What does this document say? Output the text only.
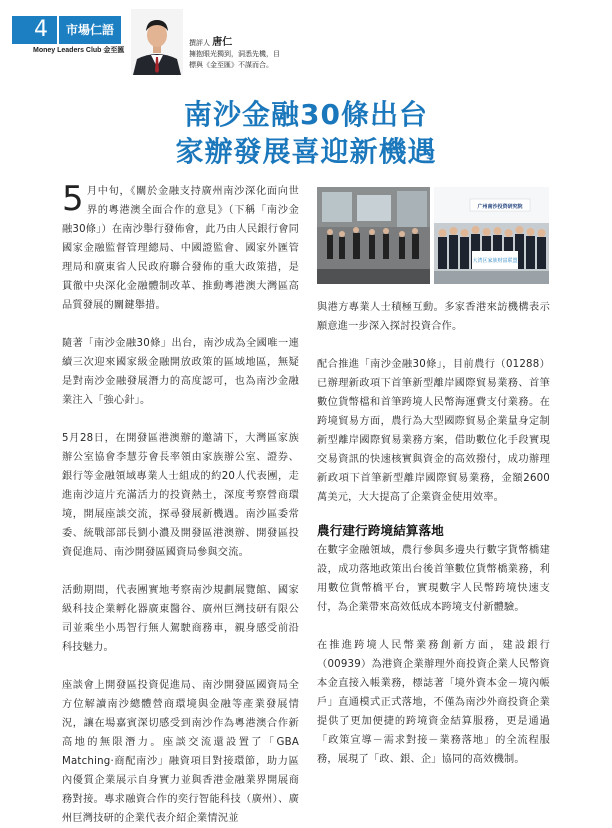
4	市場仁語
Money Leaders Club 金至匯
撰評人 唐仁
擁抱眼光獨到，洞悉先機，目
標與《金至匯》不謀而合。
南沙金融30條出台
家辦發展喜迎新機遇
广州南沙投资研究院
大湾区家族财富联盟

5 月中旬，《關於金融支持廣州南沙深化面向世界的粵港澳全面合作的意見》（下稱「南沙金融30條」）在南沙舉行發佈會，此乃由人民銀行會同國家金融監督管理總局、中國證監會、國家外匯管理局和廣東省人民政府聯合發佈的重大政策措，是貫徹中央深化金融體制改革、推動粵港澳大灣區高品質發展的關鍵舉措。

隨著「南沙金融30條」出台，南沙成為全國唯一連續三次迎來國家級金融開放政策的區域地區，無疑是對南沙金融發展潛力的高度認可，也為南沙金融業注入「強心針」。

5月28日，在開發區港澳辦的邀請下，大灣區家族辦公室協會李慧芬會長率領由家族辦公室、證券、銀行等金融領域專業人士組成的約20人代表團，走進南沙這片充滿活力的投資熱土，深度考察營商環境，開展座談交流，探尋發展新機遇。南沙區委常委、統戰部部長劉小濃及開發區港澳辦、開發區投資促進局、南沙開發區國資局參與交流。

活動期間，代表團實地考察南沙規劃展覽館、國家級科技企業孵化器廣東醫谷、廣州巨灣技研有限公司並乘坐小馬智行無人駕駛商務車，親身感受前沿科技魅力。

座談會上開發區投資促進局、南沙開發區國資局全方位解讀南沙總體營商環境與金融等產業發展情況，讓在場嘉賓深切感受到南沙作為粵港澳合作新高地的無限潛力。座談交流還設置了「GBA Matching·商配南沙」融資項目對接環節，助力區內優質企業展示自身實力並與香港金融業界開展商務對接。專求融資合作的奕行智能科技（廣州）、廣州巨灣技研的企業代表介紹企業情況並

與港方專業人士積極互動。多家香港來訪機構表示願意進一步深入探討投資合作。

配合推進「南沙金融30條」，目前農行（01288）已辦理新政項下首筆新型離岸國際貿易業務、首筆數位貨幣檔和首筆跨境人民幣海運費支付業務。在跨境貿易方面，農行為大型國際貿易企業量身定制新型離岸國際貿易業務方案，借助數位化手段實現交易資訊的快速核實與資金的高效撥付，成功辦理新政項下首筆新型離岸國際貿易業務，金額2600萬美元，大大提高了企業資金使用效率。

農行建行跨境結算落地

在數字金融領域，農行參與多邊央行數字貨幣橋建設，成功落地政策出台後首筆數位貨幣橋業務，利用數位貨幣橋平台，實現數字人民幣跨境快速支付，為企業帶來高效低成本跨境支付新體驗。

在推進跨境人民幣業務創新方面，建設銀行（00939）為港資企業辦理外商投資企業人民幣資本金直接入帳業務，標誌著「境外資本金－境內帳戶」直通模式正式落地，不僅為南沙外商投資企業提供了更加便捷的跨境資金結算服務，更是通過「政策宣導－需求對接－業務落地」的全流程服務，展現了「政、銀、企」協同的高效機制。
